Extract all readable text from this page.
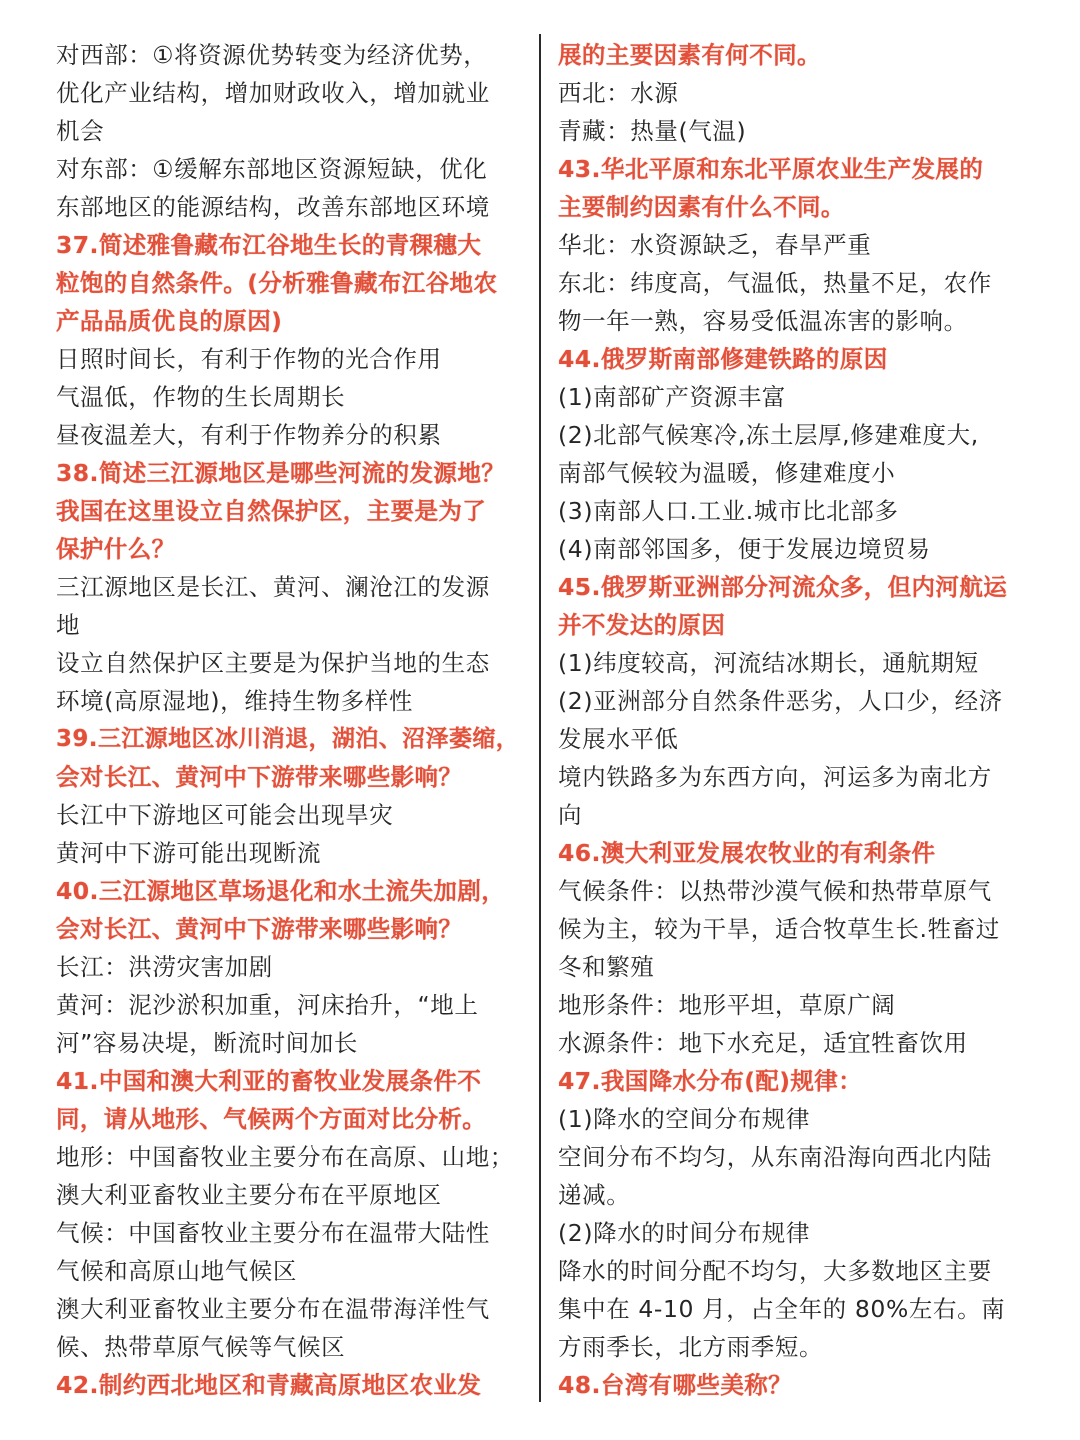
对西部：①将资源优势转变为经济优势，
优化产业结构，增加财政收入，增加就业
机会
对东部：①缓解东部地区资源短缺，优化
东部地区的能源结构，改善东部地区环境
37.简述雅鲁藏布江谷地生长的青稞穗大
粒饱的自然条件。(分析雅鲁藏布江谷地农
产品品质优良的原因)
日照时间长，有利于作物的光合作用
气温低，作物的生长周期长
昼夜温差大，有利于作物养分的积累
38.简述三江源地区是哪些河流的发源地？
我国在这里设立自然保护区，主要是为了
保护什么？
三江源地区是长江、黄河、澜沧江的发源
地
设立自然保护区主要是为保护当地的生态
环境(高原湿地)，维持生物多样性
39.三江源地区冰川消退，湖泊、沼泽萎缩，
会对长江、黄河中下游带来哪些影响？
长江中下游地区可能会出现旱灾
黄河中下游可能出现断流
40.三江源地区草场退化和水土流失加剧，
会对长江、黄河中下游带来哪些影响？
长江：洪涝灾害加剧
黄河：泥沙淤积加重，河床抬升，“地上
河”容易决堤，断流时间加长
41.中国和澳大利亚的畜牧业发展条件不
同，请从地形、气候两个方面对比分析。
地形：中国畜牧业主要分布在高原、山地；
澳大利亚畜牧业主要分布在平原地区
气候：中国畜牧业主要分布在温带大陆性
气候和高原山地气候区
澳大利亚畜牧业主要分布在温带海洋性气
候、热带草原气候等气候区
42.制约西北地区和青藏高原地区农业发
展的主要因素有何不同。
西北：水源
青藏：热量(气温)
43.华北平原和东北平原农业生产发展的
主要制约因素有什么不同。
华北：水资源缺乏，春旱严重
东北：纬度高，气温低，热量不足，农作
物一年一熟，容易受低温冻害的影响。
44.俄罗斯南部修建铁路的原因
(1)南部矿产资源丰富
(2)北部气候寒冷,冻土层厚,修建难度大,
南部气候较为温暖，修建难度小
(3)南部人口.工业.城市比北部多
(4)南部邻国多，便于发展边境贸易
45.俄罗斯亚洲部分河流众多，但内河航运
并不发达的原因
(1)纬度较高，河流结冰期长，通航期短
(2)亚洲部分自然条件恶劣，人口少，经济
发展水平低
境内铁路多为东西方向，河运多为南北方
向
46.澳大利亚发展农牧业的有利条件
气候条件：以热带沙漠气候和热带草原气
候为主，较为干旱，适合牧草生长.牲畜过
冬和繁殖
地形条件：地形平坦，草原广阔
水源条件：地下水充足，适宜牲畜饮用
47.我国降水分布(配)规律：
(1)降水的空间分布规律
空间分布不均匀，从东南沿海向西北内陆
递减。
(2)降水的时间分布规律
降水的时间分配不均匀，大多数地区主要
集中在 4-10 月，占全年的 80%左右。南
方雨季长，北方雨季短。
48.台湾有哪些美称？
